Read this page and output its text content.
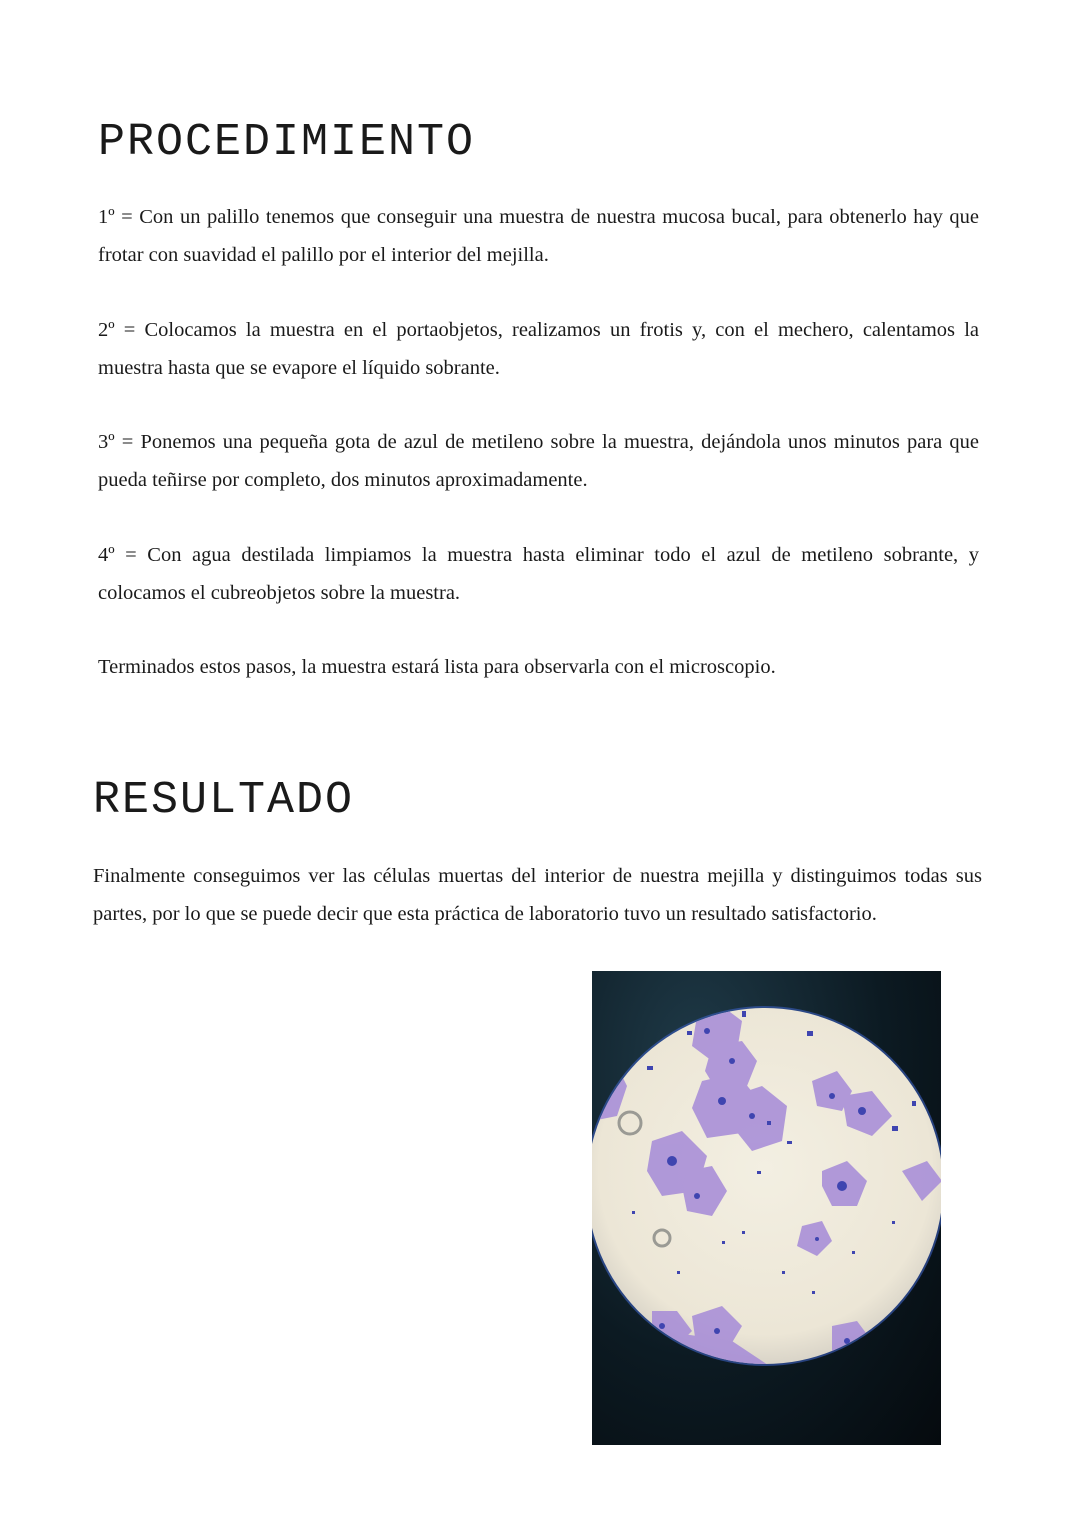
PROCEDIMIENTO

1º = Con un palillo tenemos que conseguir una muestra de nuestra mucosa bucal, para obtenerlo hay que frotar con suavidad el palillo por el interior del mejilla.

2º = Colocamos la muestra en el portaobjetos, realizamos un frotis y, con el mechero, calentamos la muestra hasta que se evapore el líquido sobrante.

3º = Ponemos una pequeña gota de azul de metileno sobre la muestra, dejándola unos minutos para que pueda teñirse por completo, dos minutos aproximadamente.

4º = Con agua destilada limpiamos la muestra hasta eliminar todo el azul de metileno sobrante, y colocamos el cubreobjetos sobre la muestra.

Terminados estos pasos, la muestra estará lista para observarla con el microscopio.

RESULTADO

Finalmente conseguimos ver las células muertas del interior de nuestra mejilla y distinguimos todas sus partes, por lo que se puede decir que esta práctica de laboratorio tuvo un resultado satisfactorio.
